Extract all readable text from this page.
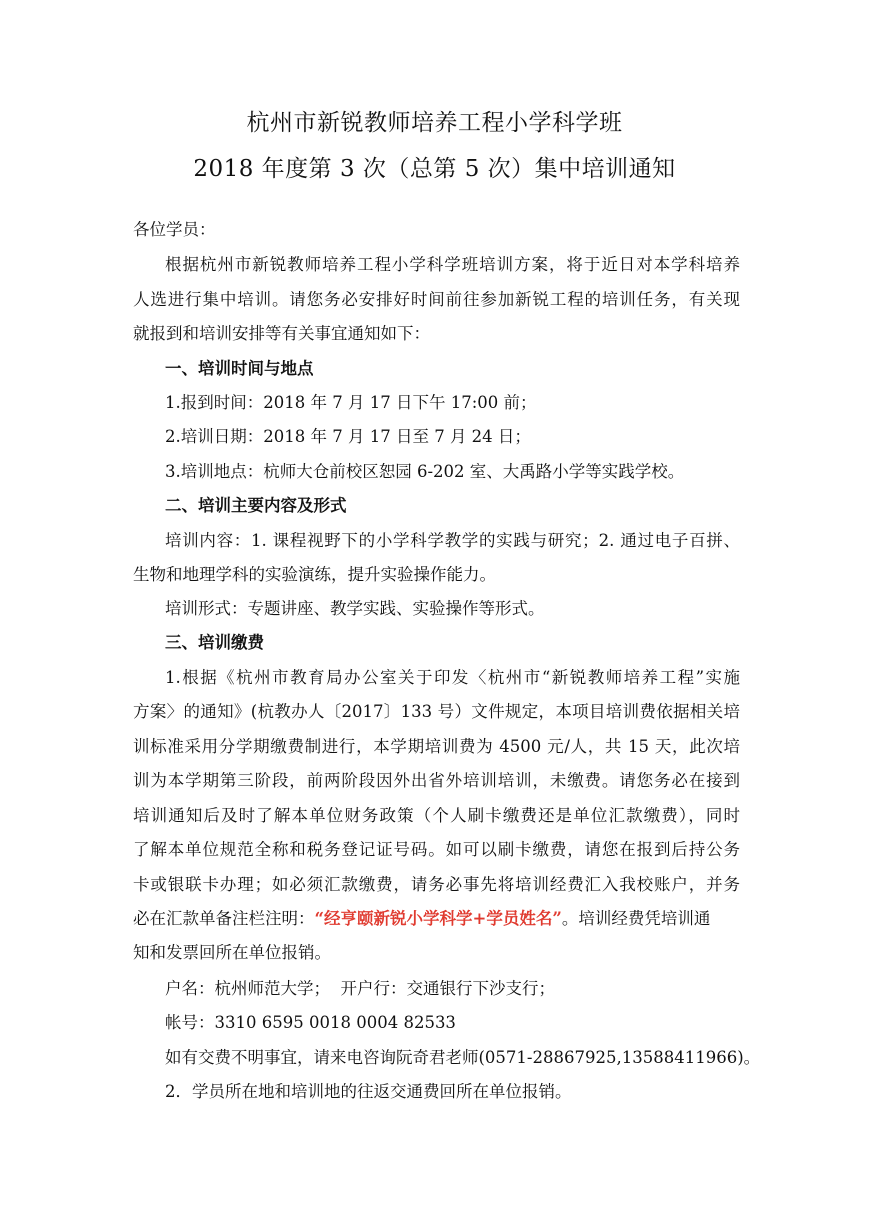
杭州市新锐教师培养工程小学科学班
2018 年度第 3 次（总第 5 次）集中培训通知
各位学员：
根据杭州市新锐教师培养工程小学科学班培训方案，将于近日对本学科培养
人选进行集中培训。请您务必安排好时间前往参加新锐工程的培训任务，有关现
就报到和培训安排等有关事宜通知如下：
一、培训时间与地点
1.报到时间：2018 年 7 月 17 日下午 17:00 前；
2.培训日期：2018 年 7 月 17 日至 7 月 24 日；
3.培训地点：杭师大仓前校区恕园 6-202 室、大禹路小学等实践学校。
二、培训主要内容及形式
培训内容：1. 课程视野下的小学科学教学的实践与研究；2. 通过电子百拼、
生物和地理学科的实验演练，提升实验操作能力。
培训形式：专题讲座、教学实践、实验操作等形式。
三、培训缴费
1.根据《杭州市教育局办公室关于印发〈杭州市“新锐教师培养工程”实施
方案〉的通知》(杭教办人〔2017〕133 号）文件规定，本项目培训费依据相关培
训标准采用分学期缴费制进行，本学期培训费为 4500 元/人，共 15 天，此次培
训为本学期第三阶段，前两阶段因外出省外培训培训，未缴费。请您务必在接到
培训通知后及时了解本单位财务政策（个人刷卡缴费还是单位汇款缴费），同时
了解本单位规范全称和税务登记证号码。如可以刷卡缴费，请您在报到后持公务
卡或银联卡办理；如必须汇款缴费，请务必事先将培训经费汇入我校账户，并务
必在汇款单备注栏注明：“经亨颐新锐小学科学+学员姓名”。培训经费凭培训通
知和发票回所在单位报销。
户名：杭州师范大学；  开户行：交通银行下沙支行；
帐号：3310 6595 0018 0004 82533
如有交费不明事宜，请来电咨询阮奇君老师(0571-28867925,13588411966)。
2．学员所在地和培训地的往返交通费回所在单位报销。
